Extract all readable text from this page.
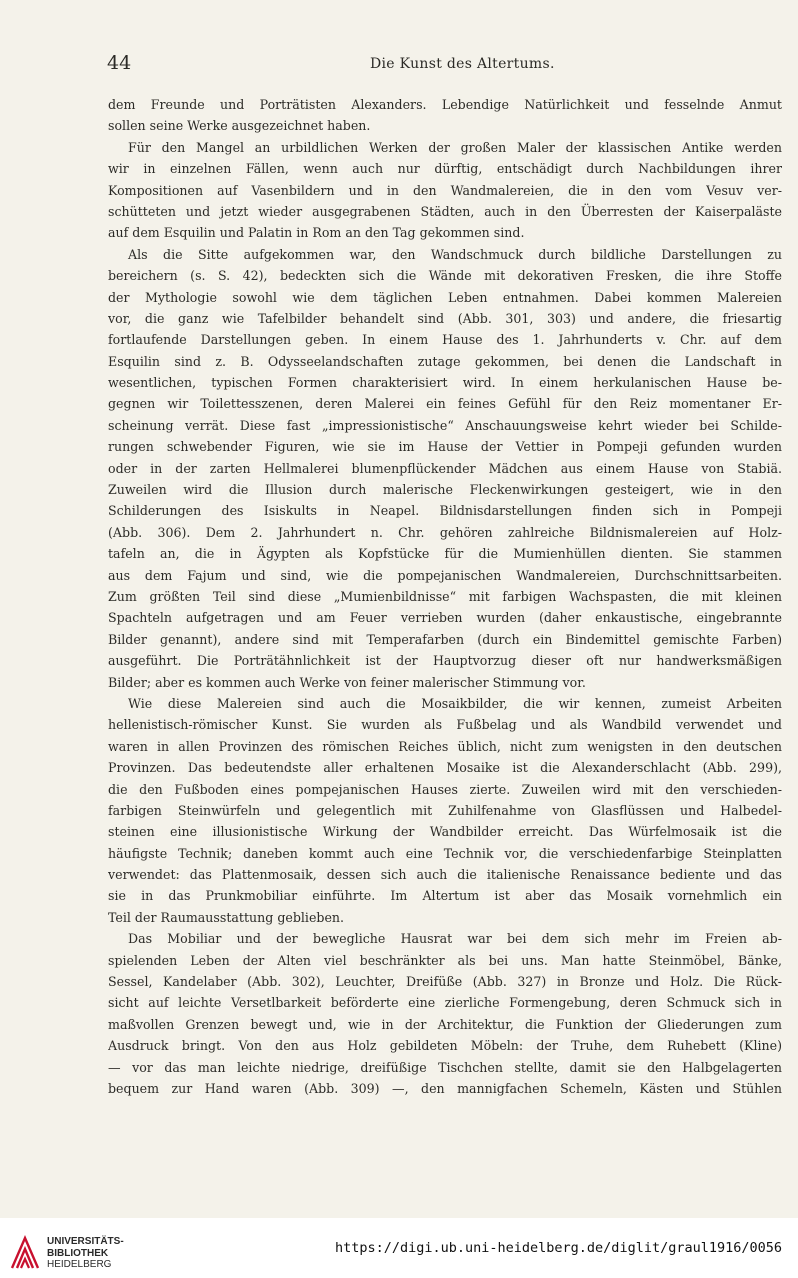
44	Die Kunst des Altertums.
dem Freunde und Porträtisten Alexanders. Lebendige Natürlichkeit und fesselnde Anmut
sollen seine Werke ausgezeichnet haben.
Für den Mangel an urbildlichen Werken der großen Maler der klassischen Antike werden
wir in einzelnen Fällen, wenn auch nur dürftig, entschädigt durch Nachbildungen ihrer
Kompositionen auf Vasenbildern und in den Wandmalereien, die in den vom Vesuv ver-
schütteten und jetzt wieder ausgegrabenen Städten, auch in den Überresten der Kaiserpaläste
auf dem Esquilin und Palatin in Rom an den Tag gekommen sind.
Als die Sitte aufgekommen war, den Wandschmuck durch bildliche Darstellungen zu
bereichern (s. S. 42), bedeckten sich die Wände mit dekorativen Fresken, die ihre Stoffe
der Mythologie sowohl wie dem täglichen Leben entnahmen. Dabei kommen Malereien
vor, die ganz wie Tafelbilder behandelt sind (Abb. 301, 303) und andere, die friesartig
fortlaufende Darstellungen geben. In einem Hause des 1. Jahrhunderts v. Chr. auf dem
Esquilin sind z. B. Odysseelandschaften zutage gekommen, bei denen die Landschaft in
wesentlichen, typischen Formen charakterisiert wird. In einem herkulanischen Hause be-
gegnen wir Toilettesszenen, deren Malerei ein feines Gefühl für den Reiz momentaner Er-
scheinung verrät. Diese fast „impressionistische“ Anschauungsweise kehrt wieder bei Schilde-
rungen schwebender Figuren, wie sie im Hause der Vettier in Pompeji gefunden wurden
oder in der zarten Hellmalerei blumenpflückender Mädchen aus einem Hause von Stabiä.
Zuweilen wird die Illusion durch malerische Fleckenwirkungen gesteigert, wie in den
Schilderungen des Isiskults in Neapel. Bildnisdarstellungen finden sich in Pompeji
(Abb. 306). Dem 2. Jahrhundert n. Chr. gehören zahlreiche Bildnismalereien auf Holz-
tafeln an, die in Ägypten als Kopfstücke für die Mumienhüllen dienten. Sie stammen
aus dem Fajum und sind, wie die pompejanischen Wandmalereien, Durchschnittsarbeiten.
Zum größten Teil sind diese „Mumienbildnisse“ mit farbigen Wachspasten, die mit kleinen
Spachteln aufgetragen und am Feuer verrieben wurden (daher enkaustische, eingebrannte
Bilder genannt), andere sind mit Temperafarben (durch ein Bindemittel gemischte Farben)
ausgeführt. Die Porträtähnlichkeit ist der Hauptvorzug dieser oft nur handwerksmäßigen
Bilder; aber es kommen auch Werke von feiner malerischer Stimmung vor.
Wie diese Malereien sind auch die Mosaikbilder, die wir kennen, zumeist Arbeiten
hellenistisch-römischer Kunst. Sie wurden als Fußbelag und als Wandbild verwendet und
waren in allen Provinzen des römischen Reiches üblich, nicht zum wenigsten in den deutschen
Provinzen. Das bedeutendste aller erhaltenen Mosaike ist die Alexanderschlacht (Abb. 299),
die den Fußboden eines pompejanischen Hauses zierte. Zuweilen wird mit den verschieden-
farbigen Steinwürfeln und gelegentlich mit Zuhilfenahme von Glasflüssen und Halbedel-
steinen eine illusionistische Wirkung der Wandbilder erreicht. Das Würfelmosaik ist die
häufigste Technik; daneben kommt auch eine Technik vor, die verschiedenfarbige Steinplatten
verwendet: das Plattenmosaik, dessen sich auch die italienische Renaissance bediente und das
sie in das Prunkmobiliar einführte. Im Altertum ist aber das Mosaik vornehmlich ein
Teil der Raumausstattung geblieben.
Das Mobiliar und der bewegliche Hausrat war bei dem sich mehr im Freien ab-
spielenden Leben der Alten viel beschränkter als bei uns. Man hatte Steinmöbel, Bänke,
Sessel, Kandelaber (Abb. 302), Leuchter, Dreifüße (Abb. 327) in Bronze und Holz. Die Rück-
sicht auf leichte Versetlbarkeit beförderte eine zierliche Formengebung, deren Schmuck sich in
maßvollen Grenzen bewegt und, wie in der Architektur, die Funktion der Gliederungen zum
Ausdruck bringt. Von den aus Holz gebildeten Möbeln: der Truhe, dem Ruhebett (Kline)
— vor das man leichte niedrige, dreifüßige Tischchen stellte, damit sie den Halbgelagerten
bequem zur Hand waren (Abb. 309) —, den mannigfachen Schemeln, Kästen und Stühlen
UNIVERSITÄTS-
BIBLIOTHEK
HEIDELBERG
https://digi.ub.uni-heidelberg.de/diglit/graul1916/0056
